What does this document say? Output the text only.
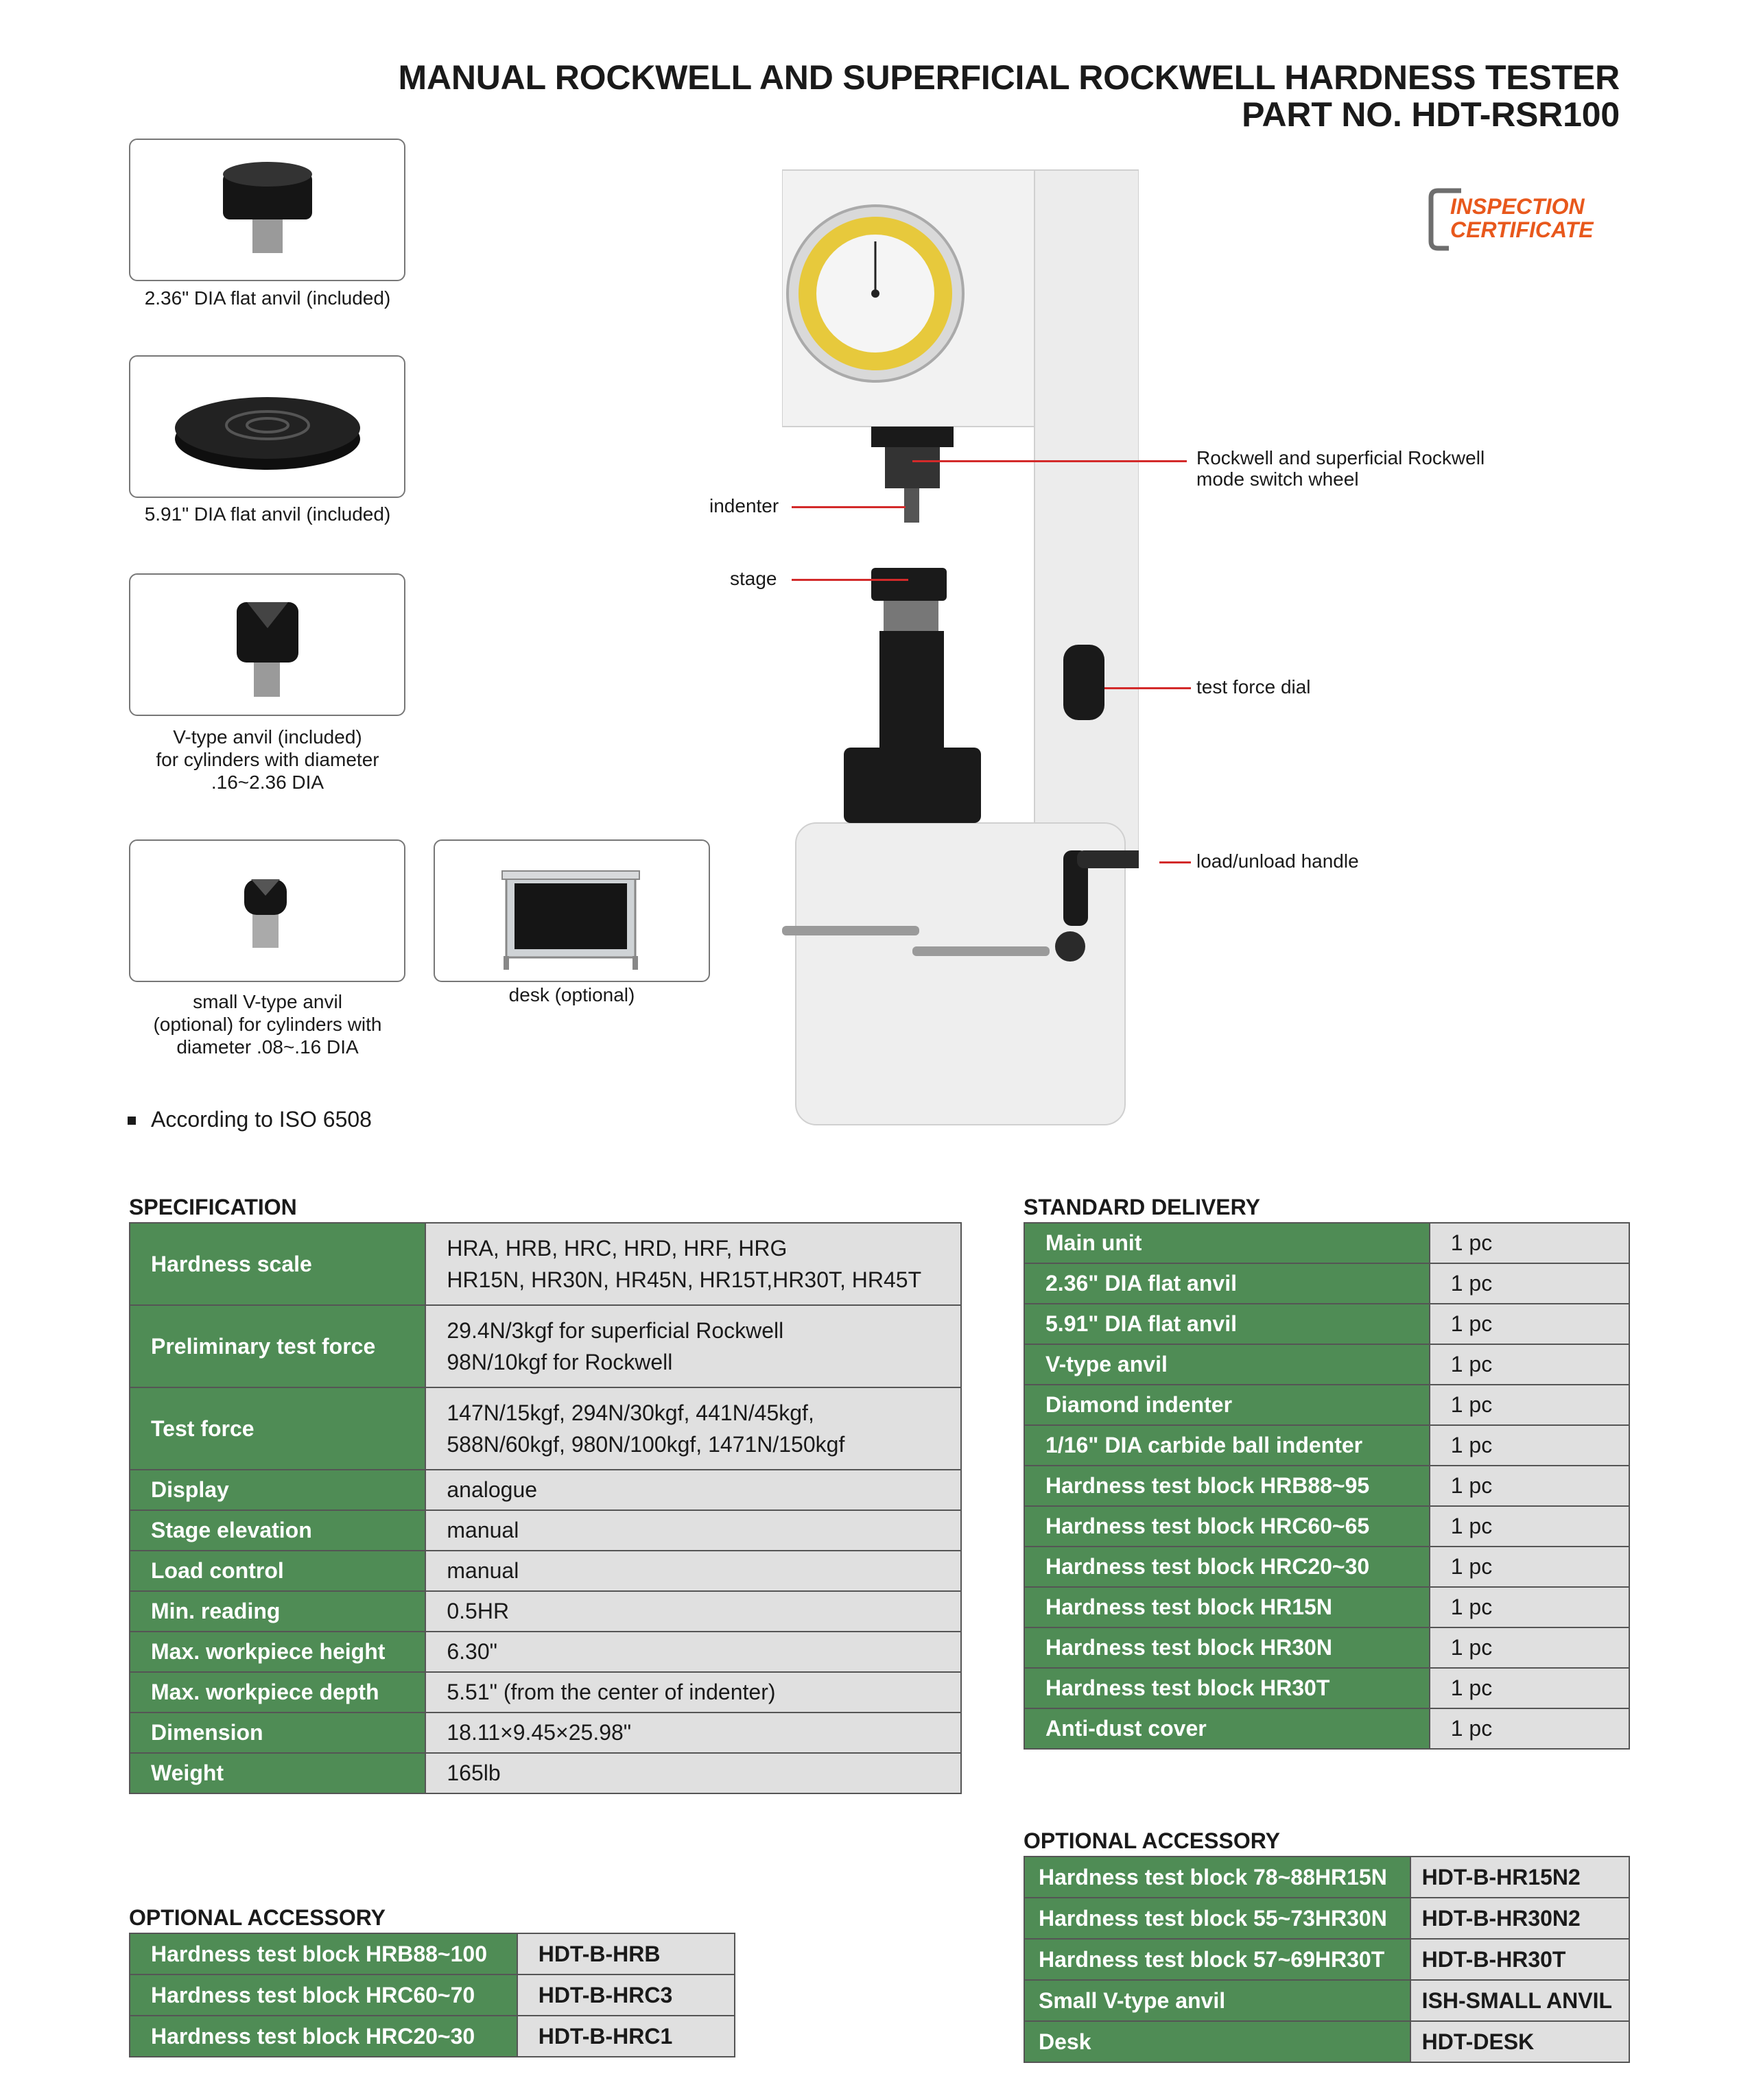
MANUAL ROCKWELL AND SUPERFICIAL ROCKWELL HARDNESS TESTER
PART NO. HDT-RSR100
INSPECTION
CERTIFICATE
2.36" DIA flat anvil (included)
5.91" DIA flat anvil (included)
V-type anvil (included)
for cylinders with diameter
.16~2.36 DIA
small V-type anvil
(optional) for cylinders with
diameter .08~.16 DIA
desk (optional)
Rockwell and superficial Rockwell
mode switch wheel
indenter
stage
test force dial
load/unload handle
According to ISO 6508
SPECIFICATION
Hardness scale	HRA, HRB, HRC, HRD, HRF, HRG
HR15N, HR30N, HR45N, HR15T,HR30T, HR45T

Preliminary test force	29.4N/3kgf for superficial Rockwell
98N/10kgf for Rockwell

Test force	147N/15kgf, 294N/30kgf, 441N/45kgf,
588N/60kgf, 980N/100kgf, 1471N/150kgf

Display	analogue
Stage elevation	manual
Load control	manual
Min. reading	0.5HR
Max. workpiece height	6.30"
Max. workpiece depth	5.51" (from the center of indenter)
Dimension	18.11×9.45×25.98"
Weight	165lb
STANDARD DELIVERY
Main unit	1 pc
2.36" DIA flat anvil	1 pc
5.91" DIA flat anvil	1 pc
V-type anvil	1 pc
Diamond indenter	1 pc
1/16" DIA carbide ball indenter	1 pc
Hardness test block HRB88~95	1 pc
Hardness test block HRC60~65	1 pc
Hardness test block HRC20~30	1 pc
Hardness test block HR15N	1 pc
Hardness test block HR30N	1 pc
Hardness test block HR30T	1 pc
Anti-dust cover	1 pc
OPTIONAL ACCESSORY
Hardness test block HRB88~100	HDT-B-HRB
Hardness test block HRC60~70	HDT-B-HRC3
Hardness test block HRC20~30	HDT-B-HRC1
OPTIONAL ACCESSORY
Hardness test block 78~88HR15N	HDT-B-HR15N2
Hardness test block 55~73HR30N	HDT-B-HR30N2
Hardness test block 57~69HR30T	HDT-B-HR30T
Small V-type anvil	ISH-SMALL ANVIL
Desk	HDT-DESK
